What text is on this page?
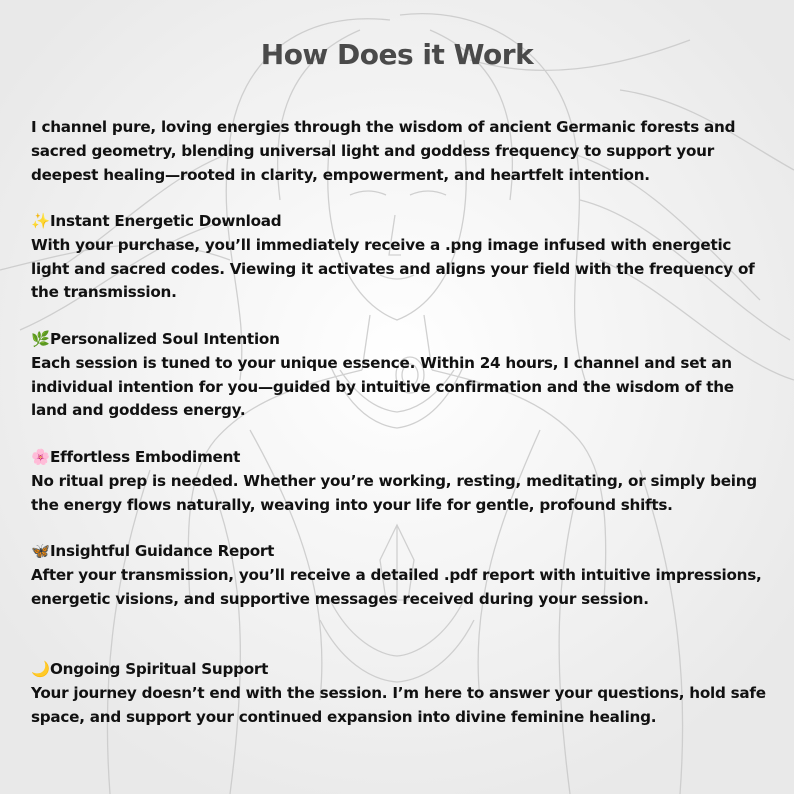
How Does it Work

I channel pure, loving energies through the wisdom of ancient Germanic forests and sacred geometry, blending universal light and goddess frequency to support your deepest healing—rooted in clarity, empowerment, and heartfelt intention.

✨Instant Energetic Download

With your purchase, you’ll immediately receive a .png image infused with energetic light and sacred codes. Viewing it activates and aligns your field with the frequency of the transmission.

🌿Personalized Soul Intention

Each session is tuned to your unique essence. Within 24 hours, I channel and set an individual intention for you—guided by intuitive confirmation and the wisdom of the land and goddess energy.

🌸Effortless Embodiment

No ritual prep is needed. Whether you’re working, resting, meditating, or simply being the energy flows naturally, weaving into your life for gentle, profound shifts.

🦋Insightful Guidance Report

After your transmission, you’ll receive a detailed .pdf report with intuitive impressions, energetic visions, and supportive messages received during your session.

🌙Ongoing Spiritual Support

Your journey doesn’t end with the session. I’m here to answer your questions, hold safe space, and support your continued expansion into divine feminine healing.
